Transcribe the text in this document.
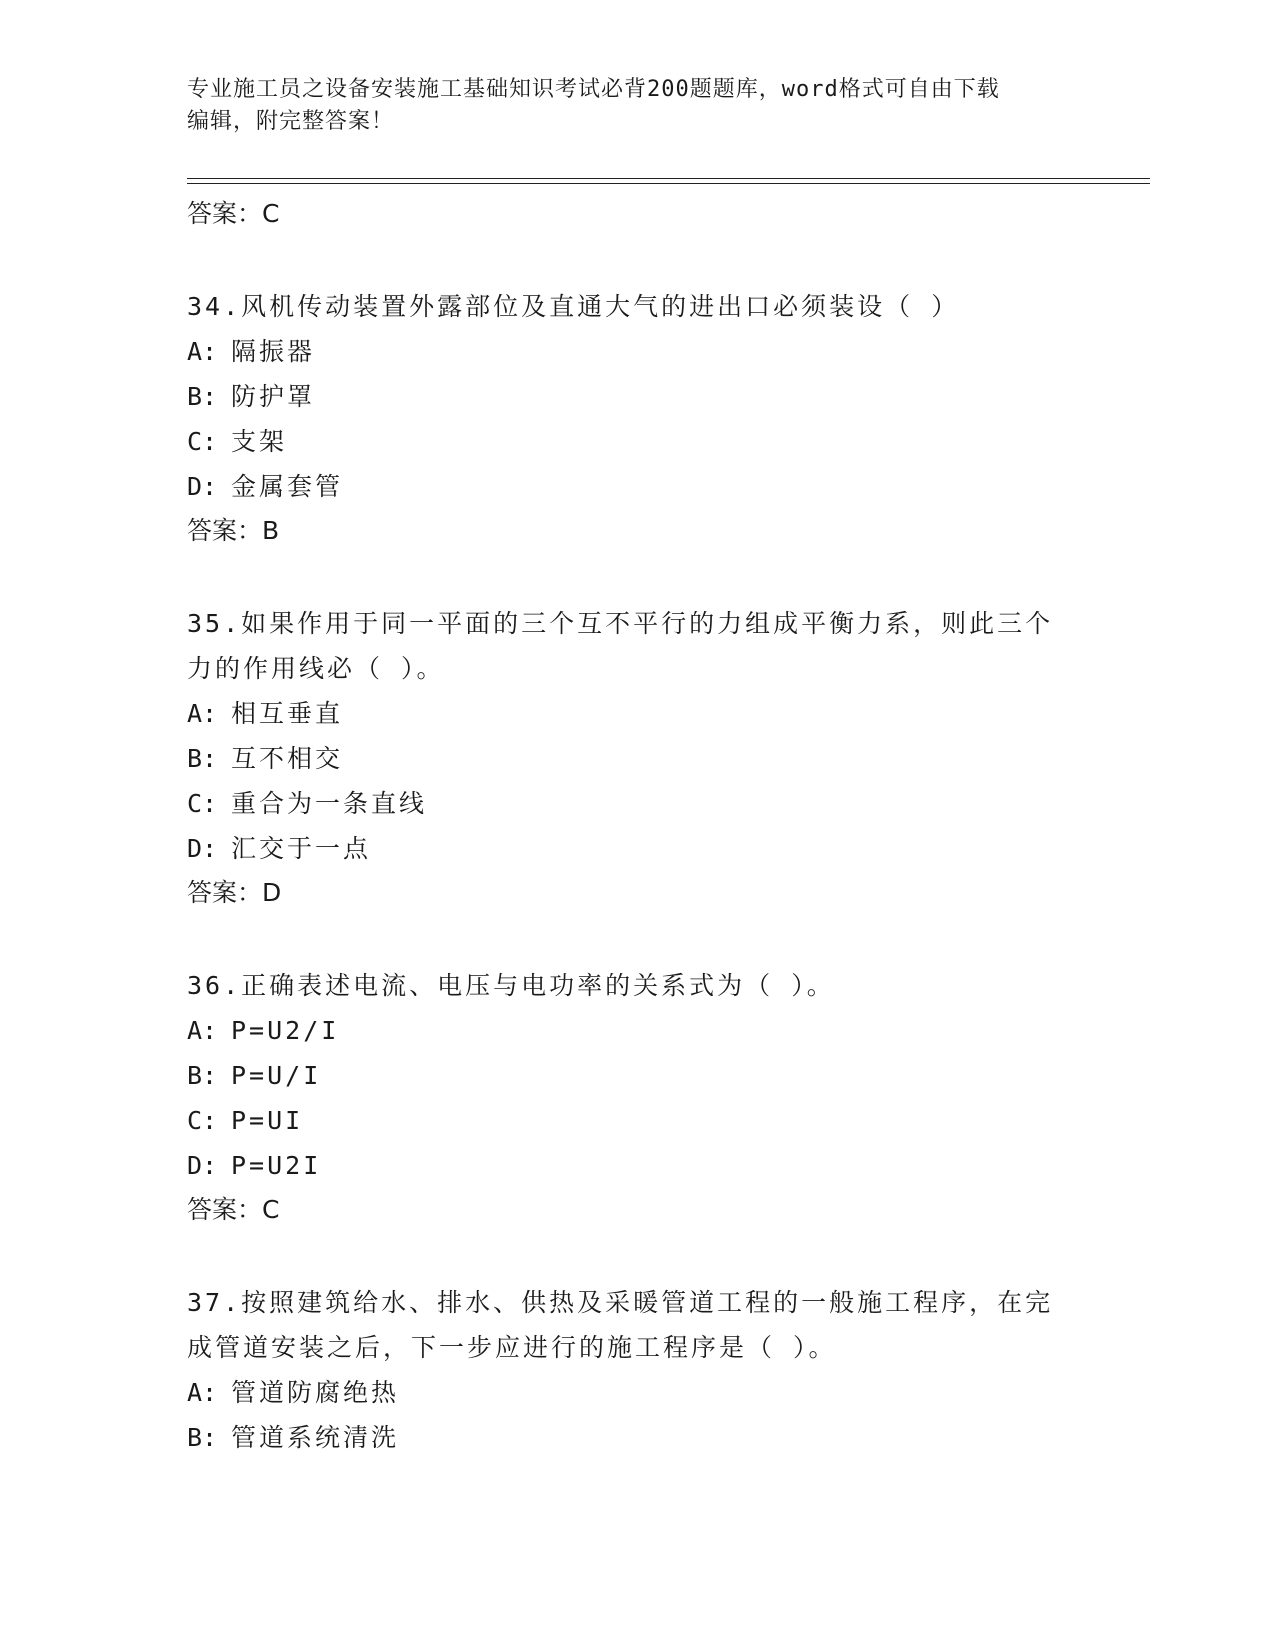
专业施工员之设备安装施工基础知识考试必背200题题库，word格式可自由下载
编辑，附完整答案！
答案：C
34.风机传动装置外露部位及直通大气的进出口必须装设（ ）
A: 隔振器
B: 防护罩
C: 支架
D: 金属套管
答案：B
35.如果作用于同一平面的三个互不平行的力组成平衡力系，则此三个
力的作用线必（ ）。
A: 相互垂直
B: 互不相交
C: 重合为一条直线
D: 汇交于一点
答案：D
36.正确表述电流、电压与电功率的关系式为（ ）。
A: P=U2/I
B: P=U/I
C: P=UI
D: P=U2I
答案：C
37.按照建筑给水、排水、供热及采暖管道工程的一般施工程序，在完
成管道安装之后，下一步应进行的施工程序是（ ）。
A: 管道防腐绝热
B: 管道系统清洗
